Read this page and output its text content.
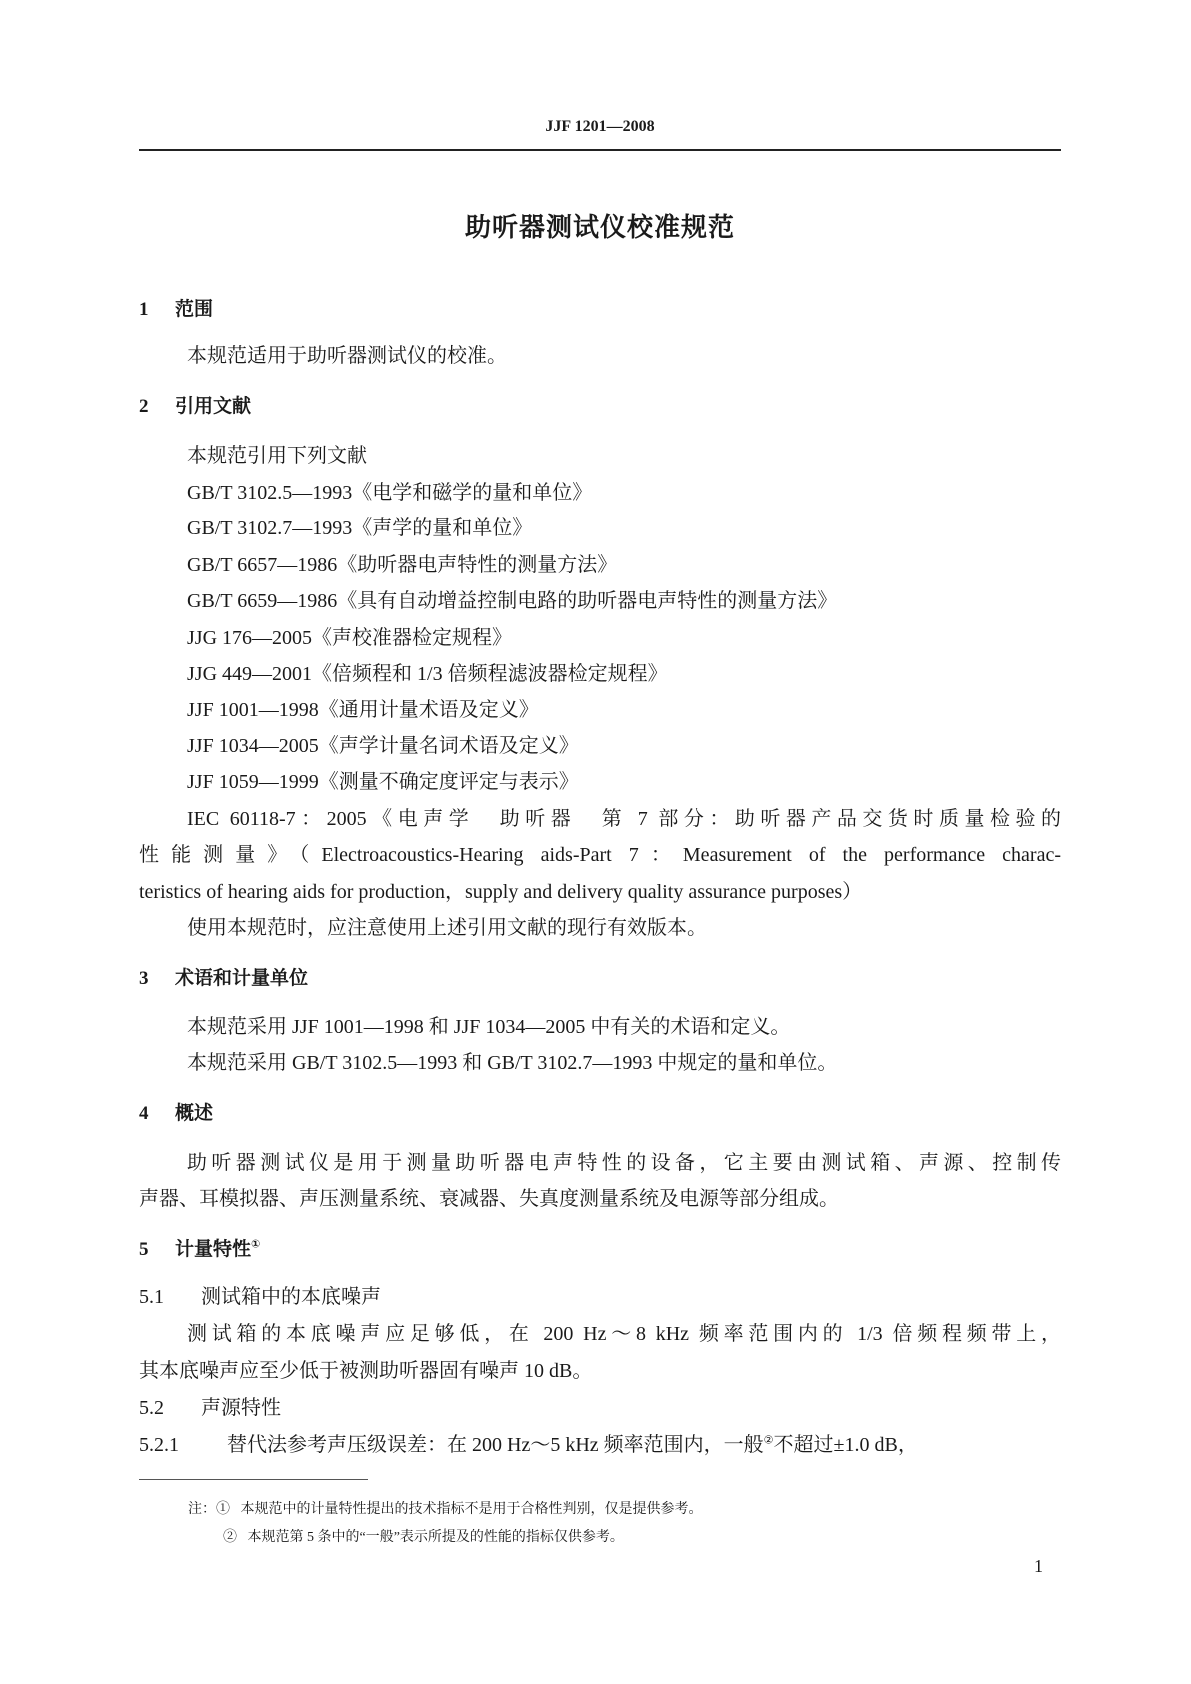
JJF 1201—2008
助听器测试仪校准规范
1 范围
本规范适用于助听器测试仪的校准。
2 引用文献
本规范引用下列文献
GB/T 3102.5—1993《电学和磁学的量和单位》
GB/T 3102.7—1993《声学的量和单位》
GB/T 6657—1986《助听器电声特性的测量方法》
GB/T 6659—1986《具有自动增益控制电路的助听器电声特性的测量方法》
JJG 176—2005《声校准器检定规程》
JJG 449—2001《倍频程和 1/3 倍频程滤波器检定规程》
JJF 1001—1998《通用计量术语及定义》
JJF 1034—2005《声学计量名词术语及定义》
JJF 1059—1999《测量不确定度评定与表示》
IEC 60118-7：2005《电声学　助听器　第 7 部分：助听器产品交货时质量检验的
性能测量》（Electroacoustics-Hearing aids-Part 7：Measurement of the performance charac-
teristics of hearing aids for production，supply and delivery quality assurance purposes）
使用本规范时，应注意使用上述引用文献的现行有效版本。
3 术语和计量单位
本规范采用 JJF 1001—1998 和 JJF 1034—2005 中有关的术语和定义。
本规范采用 GB/T 3102.5—1993 和 GB/T 3102.7—1993 中规定的量和单位。
4 概述
助听器测试仪是用于测量助听器电声特性的设备，它主要由测试箱、声源、控制传
声器、耳模拟器、声压测量系统、衰减器、失真度测量系统及电源等部分组成。
5 计量特性①
5.1 测试箱中的本底噪声
测试箱的本底噪声应足够低，在 200 Hz～8 kHz 频率范围内的 1/3 倍频程频带上，
其本底噪声应至少低于被测助听器固有噪声 10 dB。
5.2 声源特性
5.2.1 替代法参考声压级误差：在 200 Hz～5 kHz 频率范围内，一般②不超过±1.0 dB，
注：① 本规范中的计量特性提出的技术指标不是用于合格性判别，仅是提供参考。
② 本规范第 5 条中的“一般”表示所提及的性能的指标仅供参考。
1
